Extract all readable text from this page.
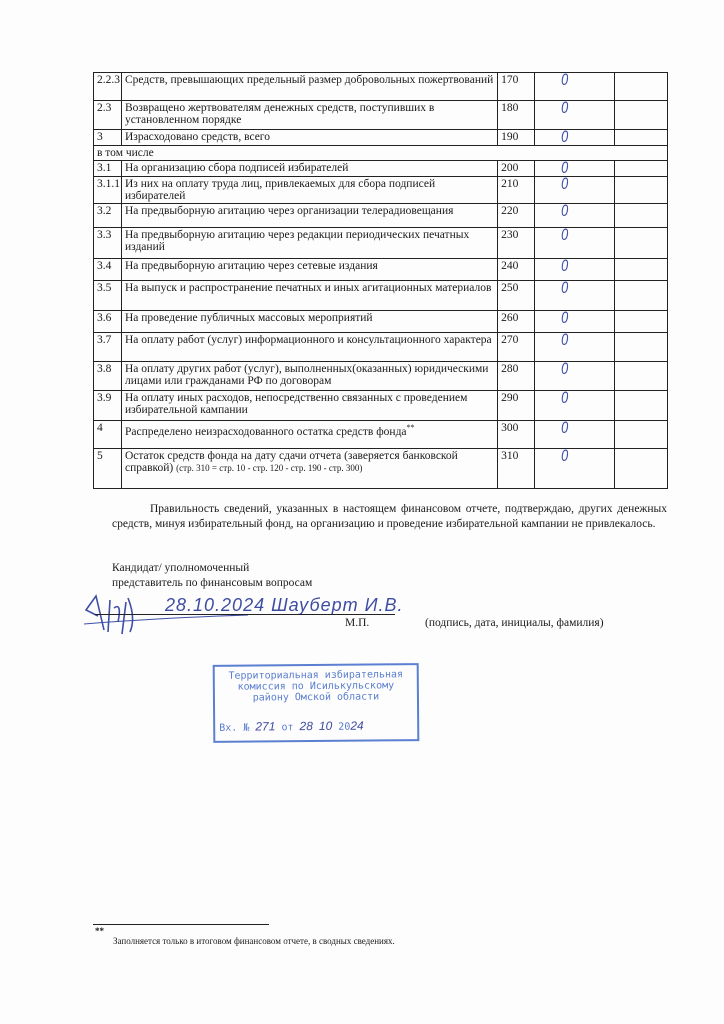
2.2.3	Средств, превышающих предельный размер добровольных пожертвований	170	0	

2.3	Возвращено жертвователям денежных средств, поступивших в установленном порядке	180	0	

3	Израсходовано средств, всего	190	0	

в том числе				
3.1	На организацию сбора подписей избирателей	200	0	

3.1.1	Из них на оплату труда лиц, привлекаемых для сбора подписей избирателей	210	0	

3.2	На предвыборную агитацию через организации телерадиовещания	220	0	

3.3	На предвыборную агитацию через редакции периодических печатных изданий	230	0	

3.4	На предвыборную агитацию через сетевые издания	240	0	

3.5	На выпуск и распространение печатных и иных агитационных материалов	250	0	

3.6	На проведение публичных массовых мероприятий	260	0	

3.7	На оплату работ (услуг) информационного и консультационного характера	270	0	

3.8	На оплату других работ (услуг), выполненных(оказанных) юридическими лицами или гражданами РФ по договорам	280	0	

3.9	На оплату иных расходов, непосредственно связанных с проведением избирательной кампании	290	0	

4	Распределено неизрасходованного остатка средств фонда**	300	0	

5	Остаток средств фонда на дату сдачи отчета (заверяется банковской справкой) (стр. 310 = стр. 10 - стр. 120 - стр. 190 - стр. 300)	310	0	

Правильность сведений, указанных в настоящем финансовом отчете, подтверждаю, других денежных средств, минуя избирательный фонд, на организацию и проведение избирательной кампании не привлекалось.
Кандидат/ уполномоченный
представитель по финансовым вопросам
28.10.2024 Шауберт И.В.
М.П.	(подпись, дата, инициалы, фамилия)
Территориальная избирательная
комиссия по Исилькульскому
району Омской области
Вх. № 271 от 28 10 2024
**
Заполняется только в итоговом финансовом отчете, в сводных сведениях.
